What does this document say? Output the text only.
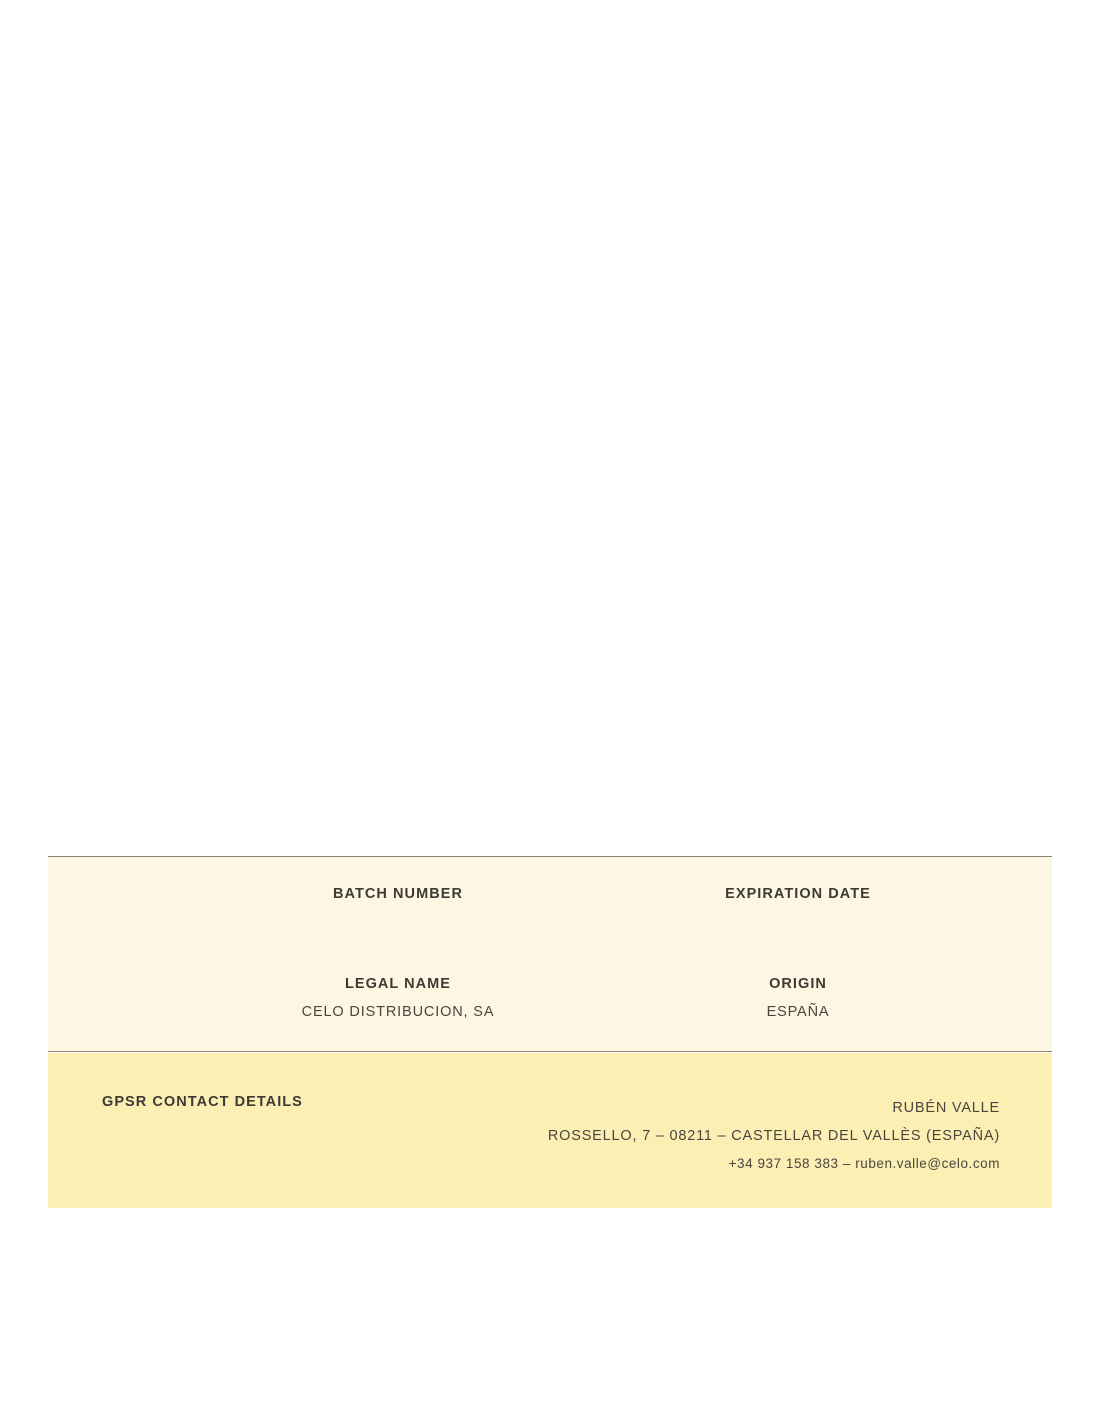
BATCH NUMBER	EXPIRATION DATE
LEGAL NAME
CELO DISTRIBUCION, SA
ORIGIN
ESPAÑA
GPSR CONTACT DETAILS	RUBÉN VALLE
ROSSELLO, 7 – 08211 – CASTELLAR DEL VALLÈS (ESPAÑA)
+34 937 158 383 – ruben.valle@celo.com
